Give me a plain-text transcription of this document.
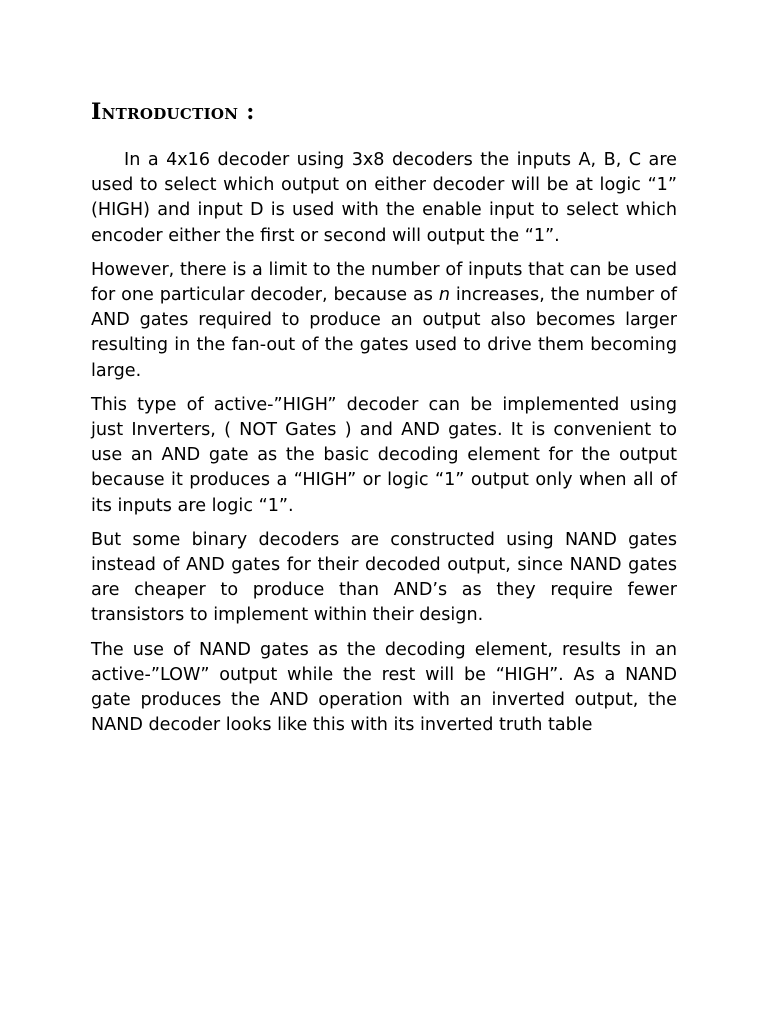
Introduction :

In a 4x16 decoder using 3x8 decoders the inputs A, B, C are used to select which output on either decoder will be at logic “1” (HIGH) and input D is used with the enable input to select which encoder either the first or second will output the “1”.

However, there is a limit to the number of inputs that can be used for one particular decoder, because as n increases, the number of AND gates required to produce an output also becomes larger resulting in the fan-out of the gates used to drive them becoming large.

This type of active-”HIGH” decoder can be implemented using just Inverters, ( NOT Gates ) and AND gates. It is convenient to use an AND gate as the basic decoding element for the output because it produces a “HIGH” or logic “1” output only when all of its inputs are logic “1”.

But some binary decoders are constructed using NAND gates instead of AND gates for their decoded output, since NAND gates are cheaper to produce than AND’s as they require fewer transistors to implement within their design.

The use of NAND gates as the decoding element, results in an active-”LOW” output while the rest will be “HIGH”. As a NAND gate produces the AND operation with an inverted output, the NAND decoder looks like this with its inverted truth table
